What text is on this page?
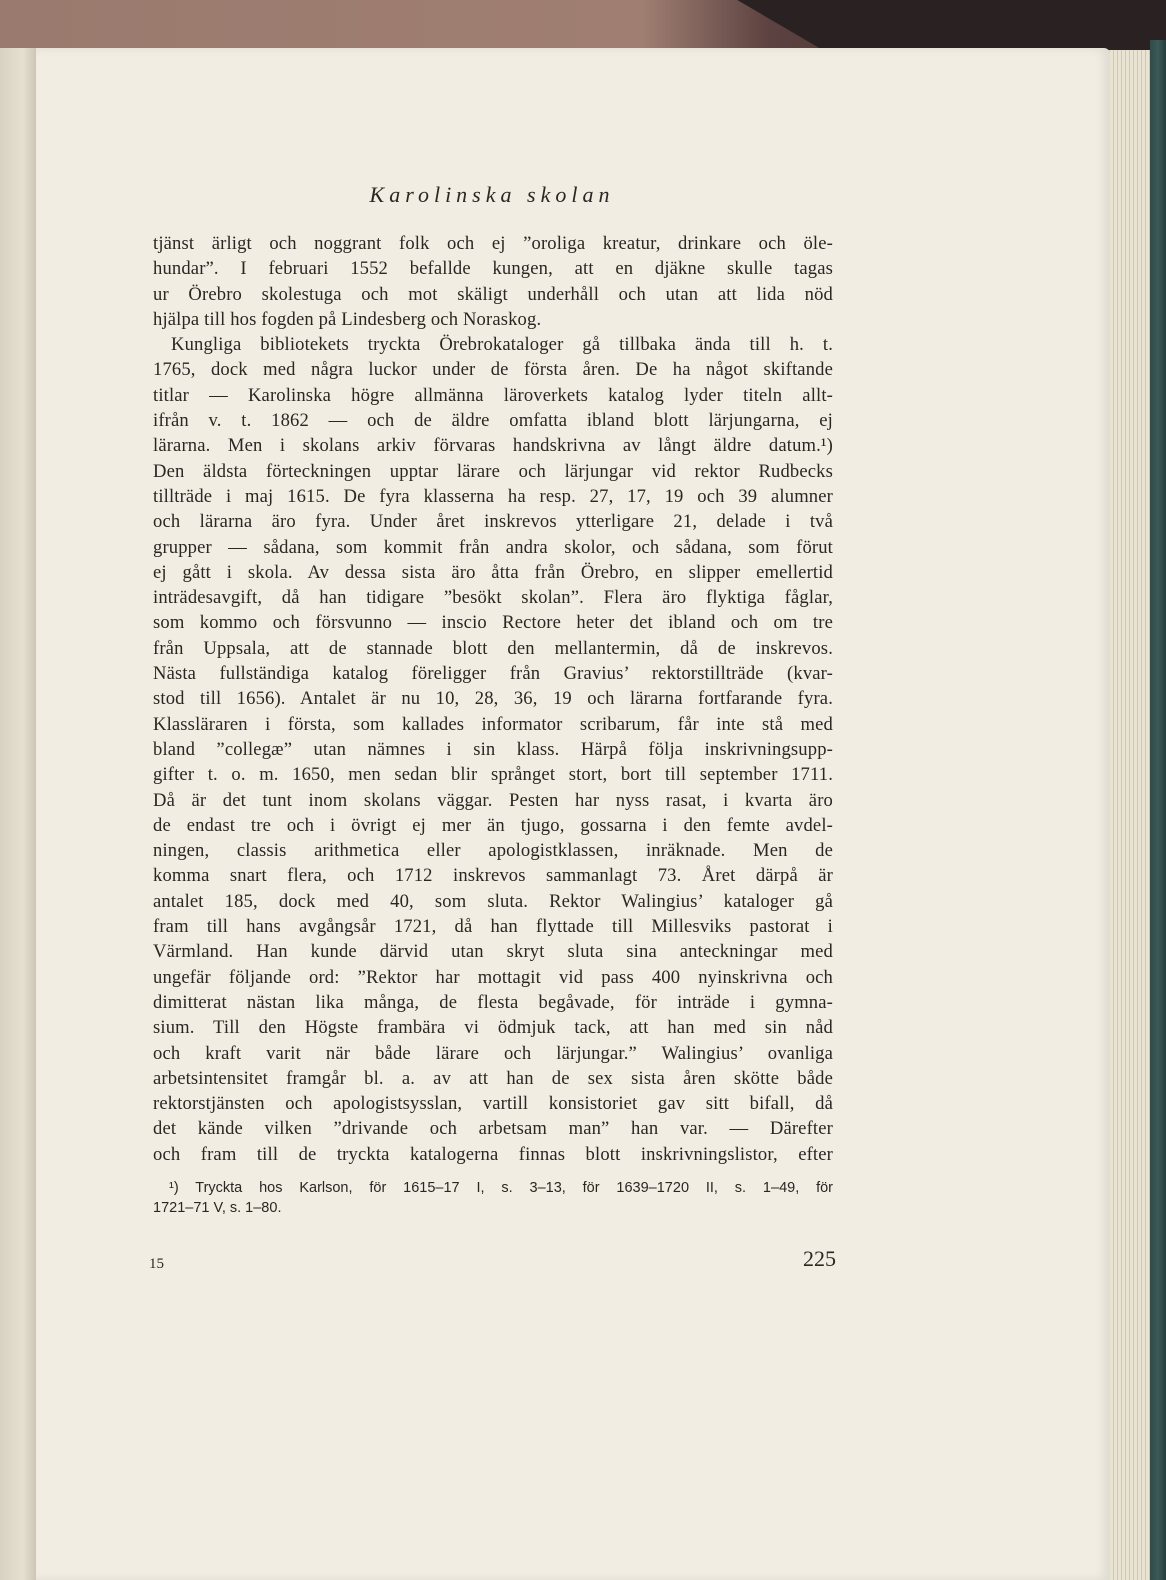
Karolinska skolan
tjänst ärligt och noggrant folk och ej ”oroliga kreatur, drinkare och öle-
hundar”. I februari 1552 befallde kungen, att en djäkne skulle tagas
ur Örebro skolestuga och mot skäligt underhåll och utan att lida nöd
hjälpa till hos fogden på Lindesberg och Noraskog.
Kungliga bibliotekets tryckta Örebrokataloger gå tillbaka ända till h. t.
1765, dock med några luckor under de första åren. De ha något skiftande
titlar — Karolinska högre allmänna läroverkets katalog lyder titeln allt-
ifrån v. t. 1862 — och de äldre omfatta ibland blott lärjungarna, ej
lärarna. Men i skolans arkiv förvaras handskrivna av långt äldre datum.¹)
Den äldsta förteckningen upptar lärare och lärjungar vid rektor Rudbecks
tillträde i maj 1615. De fyra klasserna ha resp. 27, 17, 19 och 39 alumner
och lärarna äro fyra. Under året inskrevos ytterligare 21, delade i två
grupper — sådana, som kommit från andra skolor, och sådana, som förut
ej gått i skola. Av dessa sista äro åtta från Örebro, en slipper emellertid
inträdesavgift, då han tidigare ”besökt skolan”. Flera äro flyktiga fåglar,
som kommo och försvunno — inscio Rectore heter det ibland och om tre
från Uppsala, att de stannade blott den mellantermin, då de inskrevos.
Nästa fullständiga katalog föreligger från Gravius’ rektorstillträde (kvar-
stod till 1656). Antalet är nu 10, 28, 36, 19 och lärarna fortfarande fyra.
Klassläraren i första, som kallades informator scribarum, får inte stå med
bland ”collegæ” utan nämnes i sin klass. Härpå följa inskrivningsupp-
gifter t. o. m. 1650, men sedan blir språnget stort, bort till september 1711.
Då är det tunt inom skolans väggar. Pesten har nyss rasat, i kvarta äro
de endast tre och i övrigt ej mer än tjugo, gossarna i den femte avdel-
ningen, classis arithmetica eller apologistklassen, inräknade. Men de
komma snart flera, och 1712 inskrevos sammanlagt 73. Året därpå är
antalet 185, dock med 40, som sluta. Rektor Walingius’ kataloger gå
fram till hans avgångsår 1721, då han flyttade till Millesviks pastorat i
Värmland. Han kunde därvid utan skryt sluta sina anteckningar med
ungefär följande ord: ”Rektor har mottagit vid pass 400 nyinskrivna och
dimitterat nästan lika många, de flesta begåvade, för inträde i gymna-
sium. Till den Högste frambära vi ödmjuk tack, att han med sin nåd
och kraft varit när både lärare och lärjungar.” Walingius’ ovanliga
arbetsintensitet framgår bl. a. av att han de sex sista åren skötte både
rektorstjänsten och apologistsysslan, vartill konsistoriet gav sitt bifall, då
det kände vilken ”drivande och arbetsam man” han var. — Därefter
och fram till de tryckta katalogerna finnas blott inskrivningslistor, efter
¹) Tryckta hos Karlson, för 1615–17 I, s. 3–13, för 1639–1720 II, s. 1–49, för
1721–71 V, s. 1–80.
15	225
